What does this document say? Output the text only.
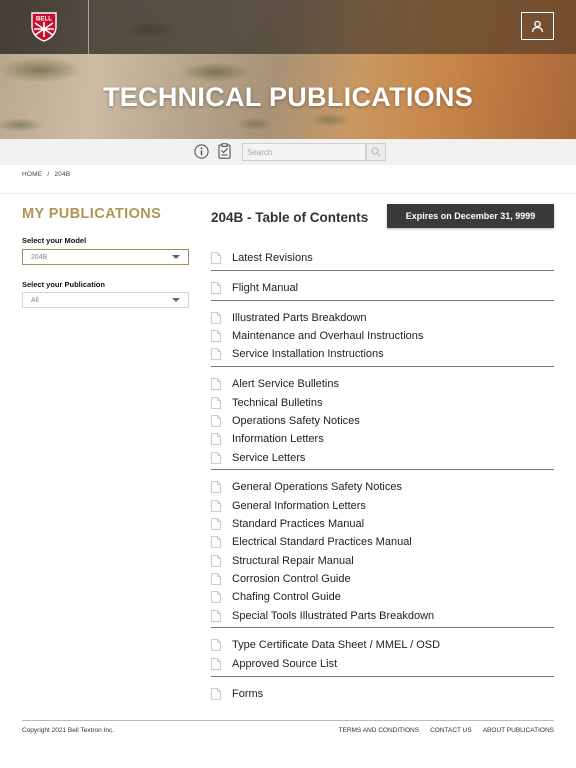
BELL
TECHNICAL PUBLICATIONS
Search
HOME / 204B
MY PUBLICATIONS
Select your Model
204B
Select your Publication
All
204B - Table of Contents	Expires on December 31, 9999
Latest Revisions
Flight Manual
Illustrated Parts Breakdown
Maintenance and Overhaul Instructions
Service Installation Instructions
Alert Service Bulletins
Technical Bulletins
Operations Safety Notices
Information Letters
Service Letters
General Operations Safety Notices
General Information Letters
Standard Practices Manual
Electrical Standard Practices Manual
Structural Repair Manual
Corrosion Control Guide
Chafing Control Guide
Special Tools Illustrated Parts Breakdown
Type Certificate Data Sheet / MMEL / OSD
Approved Source List
Forms
Copyright 2021 Bell Textron Inc.	TERMS AND CONDITIONS CONTACT US ABOUT PUBLICATIONS
